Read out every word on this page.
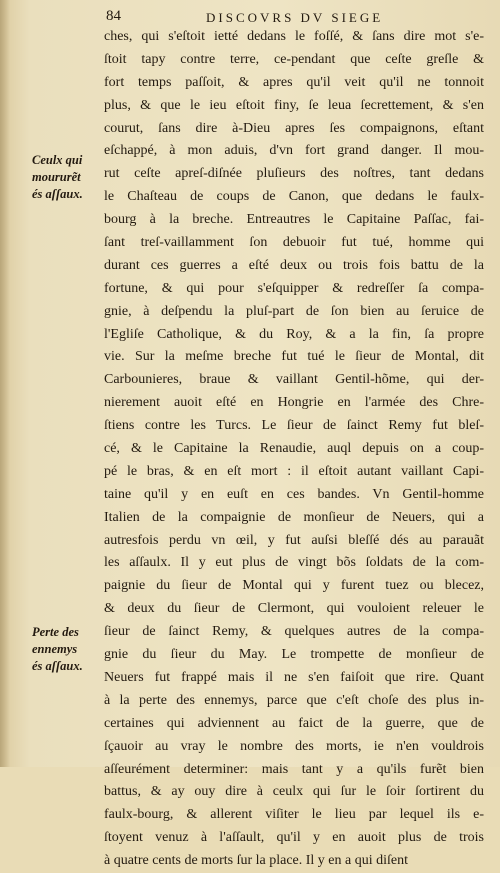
84	DISCOVRS DV SIEGE
Ceulx qui
moururẽt
és aſſaux.
Perte des
ennemys
és aſſaux.
ches, qui s'eſtoit ietté dedans le foſſé, & ſans dire mot s'e-
ſtoit tapy contre terre, ce-pendant que ceſte greſle &
fort temps paſſoit, & apres qu'il veit qu'il ne tonnoit
plus, & que le ieu eſtoit finy, ſe leua ſecrettement, & s'en
courut, ſans dire à-Dieu apres ſes compaignons, eſtant
eſchappé, à mon aduis, d'vn fort grand danger. Il mou-
rut ceſte apreſ-diſnée pluſieurs des noſtres, tant dedans
le Chaſteau de coups de Canon, que dedans le faulx-
bourg à la breche. Entreautres le Capitaine Paſſac, fai-
ſant treſ-vaillamment ſon debuoir fut tué, homme qui
durant ces guerres a eſté deux ou trois fois battu de la
fortune, & qui pour s'eſquipper & redreſſer ſa compa-
gnie, à deſpendu la pluſ-part de ſon bien au ſeruice de
l'Egliſe Catholique, & du Roy, & a la fin, ſa propre
vie. Sur la meſme breche fut tué le ſieur de Montal, dit
Carbounieres, braue & vaillant Gentil-hõme, qui der-
nierement auoit eſté en Hongrie en l'armée des Chre-
ſtiens contre les Turcs. Le ſieur de ſainct Remy fut bleſ-
cé, & le Capitaine la Renaudie, auql depuis on a coup-
pé le bras, & en eſt mort : il eſtoit autant vaillant Capi-
taine qu'il y en euſt en ces bandes. Vn Gentil-homme
Italien de la compaignie de monſieur de Neuers, qui a
autresfois perdu vn œil, y fut auſsi bleſſé dés au parauãt
les aſſaulx. Il y eut plus de vingt bõs ſoldats de la com-
paignie du ſieur de Montal qui y furent tuez ou blecez,
& deux du ſieur de Clermont, qui vouloient releuer le
ſieur de ſainct Remy, & quelques autres de la compa-
gnie du ſieur du May. Le trompette de monſieur de
Neuers fut frappé mais il ne s'en faiſoit que rire. Quant
à la perte des ennemys, parce que c'eſt choſe des plus in-
certaines qui adviennent au faict de la guerre, que de
ſçauoir au vray le nombre des morts, ie n'en vouldrois
aſſeurément determiner: mais tant y a qu'ils furẽt bien
battus, & ay ouy dire à ceulx qui ſur le ſoir ſortirent du
faulx-bourg, & allerent viſiter le lieu par lequel ils e-
ſtoyent venuz à l'aſſault, qu'il y en auoit plus de trois
à quatre cents de morts ſur la place. Il y en a qui diſent
